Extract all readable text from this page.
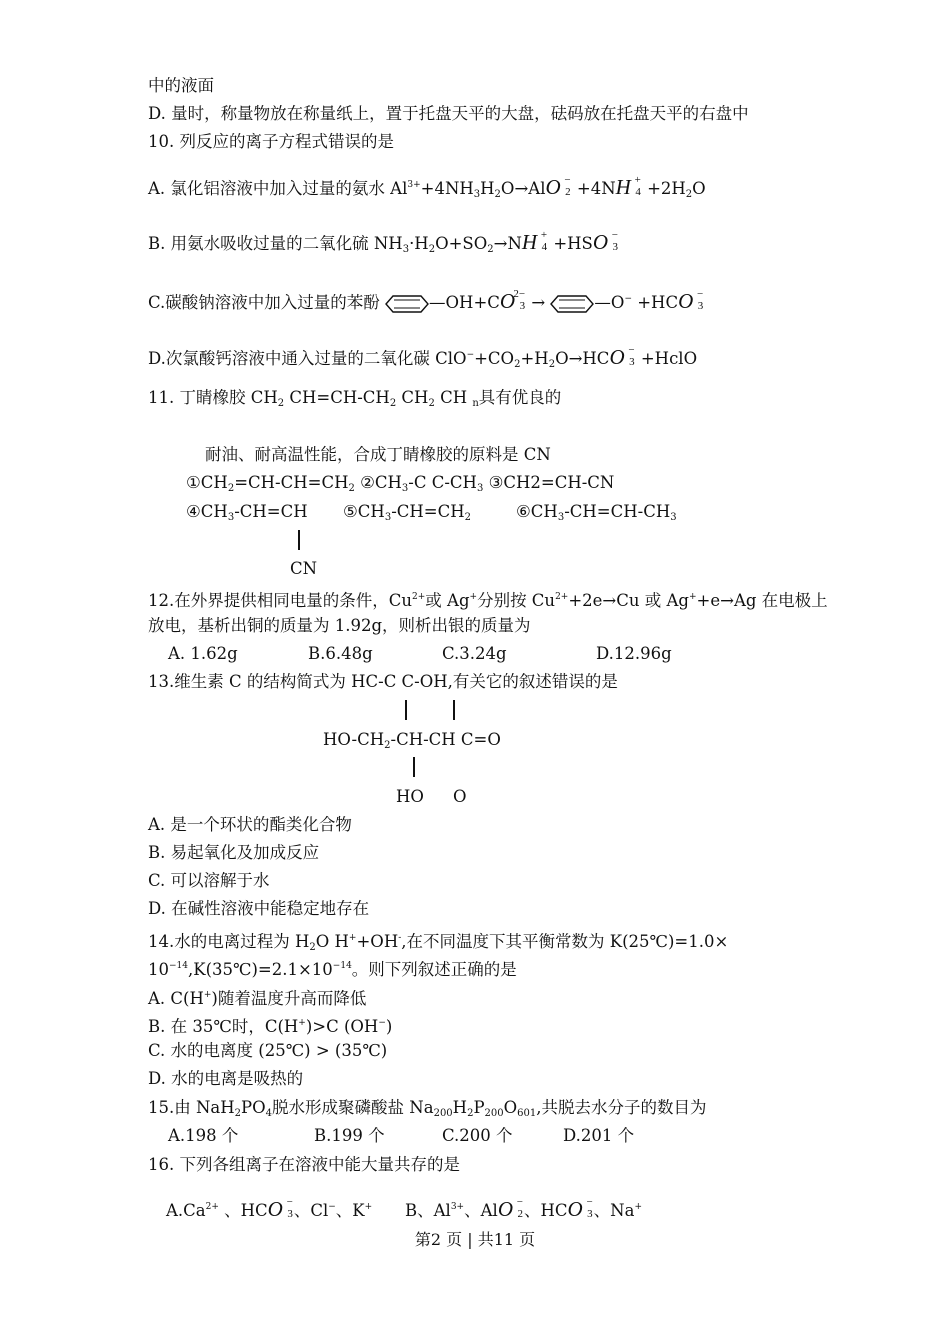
中的液面
D. 量时，称量物放在称量纸上，置于托盘天平的大盘，砝码放在托盘天平的右盘中
10. 列反应的离子方程式错误的是
A. 氯化铝溶液中加入过量的氨水 $Al^{3+}+4NH_3H_2O\to AlO$ −
2 +4NH +
$4 +2H_2O$
B. 用氨水吸收过量的二氧化硫 $NH_3\cdot H_2O+SO_2\to NH$ +
4 +HSO −
3
C.碳酸钠溶液中加入过量的苯酚	—OH+CO
2−
3 →	—O− +HCO −
3
D.次氯酸钙溶液中通入过量的二氧化碳 $ClO^-+CO_2+H_2O\to HCO$ −
3 +HclO
11. 丁睛橡胶 $CH_2$ $CH=CH-CH_2$ $CH_2$ CH $_n$具有优良的
耐油、耐高温性能，合成丁睛橡胶的原料是 CN
$①CH_2=CH-CH=CH_2$ $②CH_3-C$ $C-CH_3$ ③CH2=CH-CN
$④CH_3-CH=CH$ $⑤CH_3-CH=CH_2$	$⑥CH_3-CH=CH-CH_3$
CN
12.在外界提供相同电量的条件，$Cu^{2+}$或 Ag+分别按 $Cu^{2+}+2e\to Cu$ 或 Ag++e→Ag 在电极上
放电，基析出铜的质量为 1.92g，则析出银的质量为
A. 1.62g	B.6.48g	C.3.24g	D.12.96g
13.维生素 C 的结构简式为 HC-C C-OH,有关它的叙述错误的是
$HO-CH_2-CH-CH$ C=O
HO O
A. 是一个环状的酯类化合物
B. 易起氧化及加成反应
C. 可以溶解于水
D. 在碱性溶液中能稳定地存在
14.水的电离过程为 $H_2O$ H++OH-,在不同温度下其平衡常数为 K(25℃)=1.0×
$10^{-14},K(35℃)=2.1\times 10^{-14}$。则下列叙述正确的是
A. C(H+)随着温度升高而降低
B. 在 35℃时，C(H+)>C (OH−)
C. 水的电离度 (25℃) > (35℃)
D. 水的电离是吸热的
15.由 $NaH_2PO_4$脱水形成聚磷酸盐 $Na_{200}H_2P_{200}O_{601}$,共脱去水分子的数目为
A.198 个	B.199 个	C.200 个	D.201 个
16. 下列各组离子在溶液中能大量共存的是
$A.Ca^{2+}$ 、HCO −
3 、Cl−、K+ B、$Al^{3+}$、AlO −
2 、HCO −
3 、Na+
第2 页 | 共11 页
